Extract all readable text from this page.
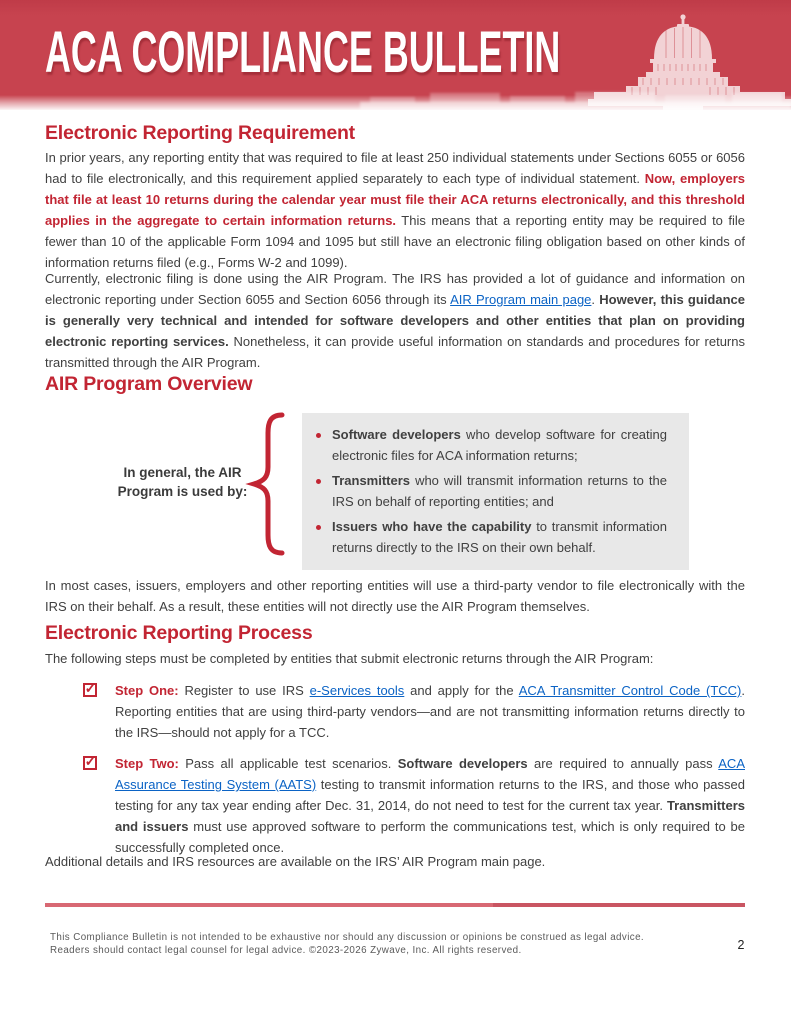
ACA COMPLIANCE BULLETIN
Electronic Reporting Requirement

In prior years, any reporting entity that was required to file at least 250 individual statements under Sections 6055 or 6056 had to file electronically, and this requirement applied separately to each type of individual statement. Now, employers that file at least 10 returns during the calendar year must file their ACA returns electronically, and this threshold applies in the aggregate to certain information returns. This means that a reporting entity may be required to file fewer than 10 of the applicable Form 1094 and 1095 but still have an electronic filing obligation based on other kinds of information returns filed (e.g., Forms W-2 and 1099).

Currently, electronic filing is done using the AIR Program. The IRS has provided a lot of guidance and information on electronic reporting under Section 6055 and Section 6056 through its AIR Program main page. However, this guidance is generally very technical and intended for software developers and other entities that plan on providing electronic reporting services. Nonetheless, it can provide useful information on standards and procedures for returns transmitted through the AIR Program.

AIR Program Overview
In general, the AIR Program is used by:
Software developers who develop software for creating electronic files for ACA information returns;
Transmitters who will transmit information returns to the IRS on behalf of reporting entities; and
Issuers who have the capability to transmit information returns directly to the IRS on their own behalf.

In most cases, issuers, employers and other reporting entities will use a third-party vendor to file electronically with the IRS on their behalf. As a result, these entities will not directly use the AIR Program themselves.

Electronic Reporting Process

The following steps must be completed by entities that submit electronic returns through the AIR Program:

✓ Step One: Register to use IRS e-Services tools and apply for the ACA Transmitter Control Code (TCC). Reporting entities that are using third-party vendors—and are not transmitting information returns directly to the IRS—should not apply for a TCC.
✓ Step Two: Pass all applicable test scenarios. Software developers are required to annually pass ACA Assurance Testing System (AATS) testing to transmit information returns to the IRS, and those who passed testing for any tax year ending after Dec. 31, 2014, do not need to test for the current tax year. Transmitters and issuers must use approved software to perform the communications test, which is only required to be successfully completed once.

Additional details and IRS resources are available on the IRS’ AIR Program main page.

This Compliance Bulletin is not intended to be exhaustive nor should any discussion or opinions be construed as legal advice. Readers should contact legal counsel for legal advice. ©2023-2026 Zywave, Inc. All rights reserved.	2
